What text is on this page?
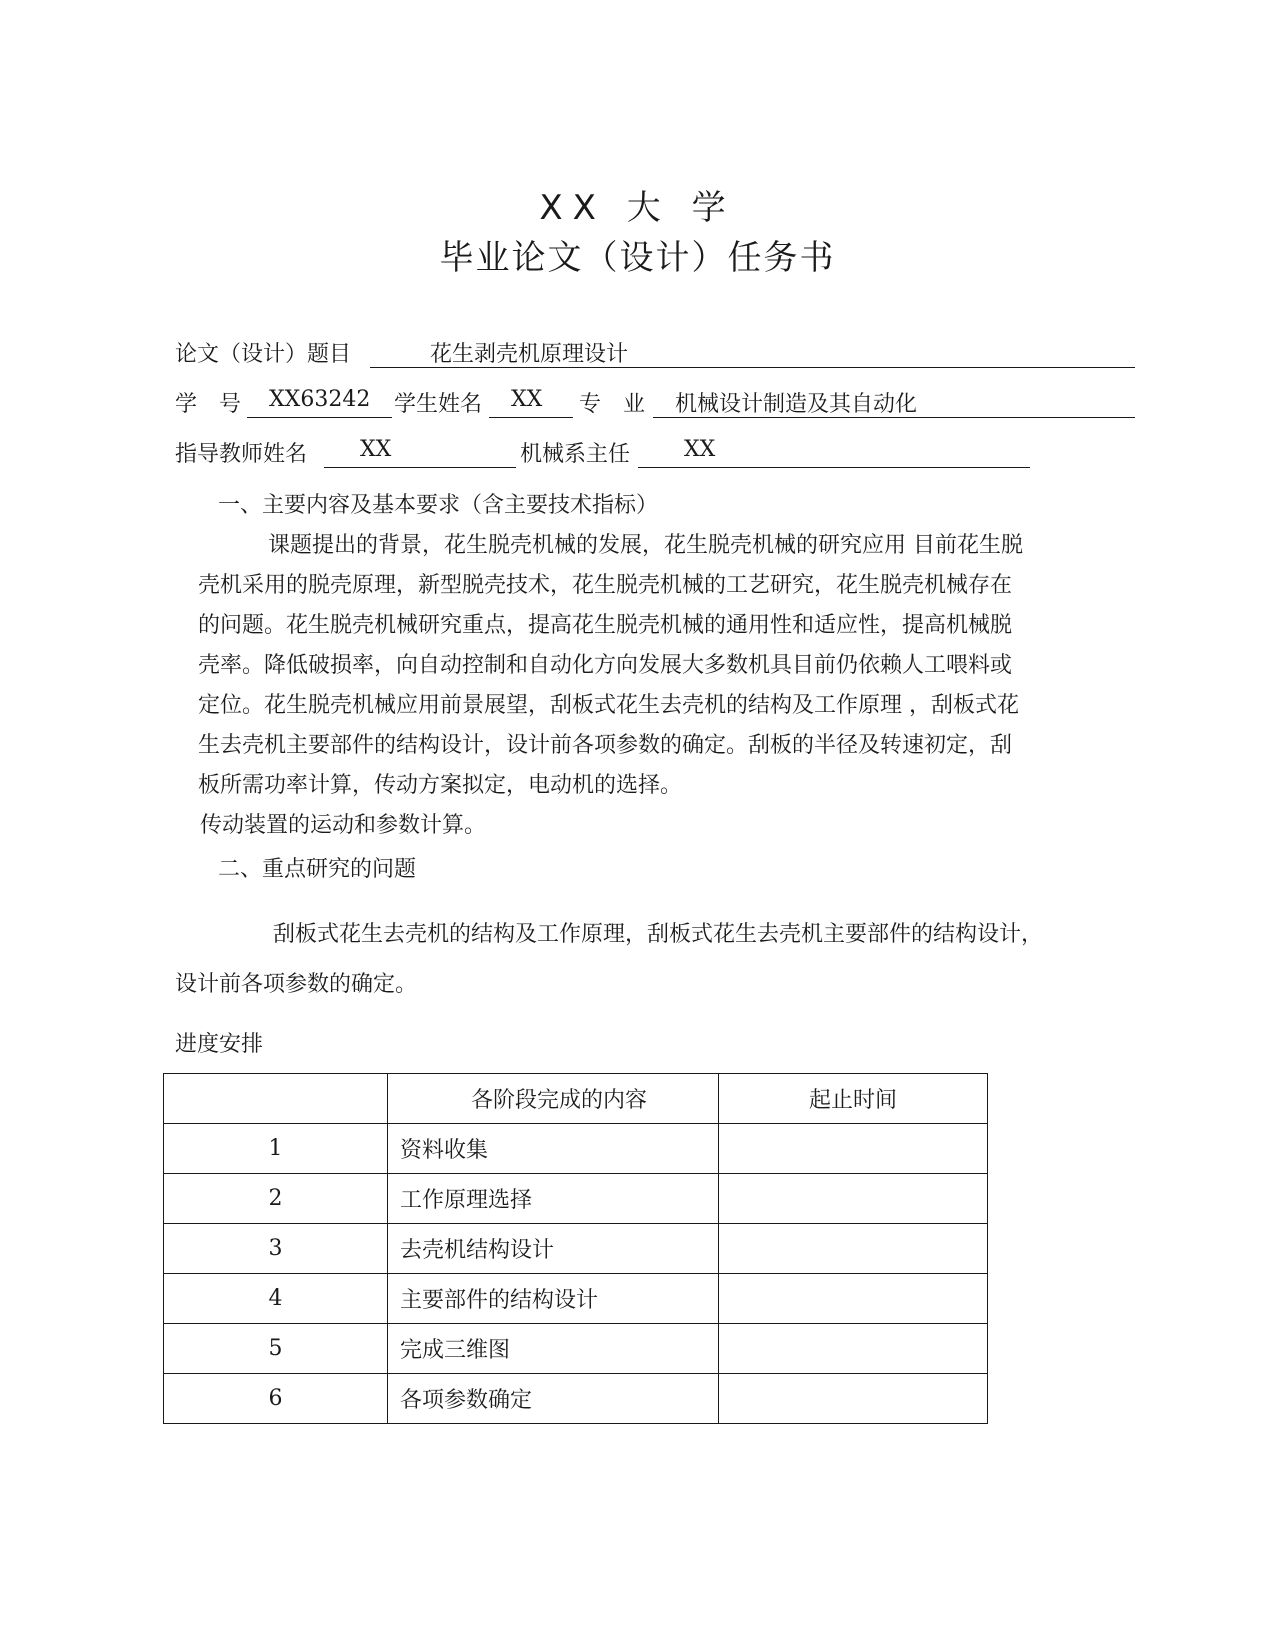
XX 大 学
毕业论文（设计）任务书
论文（设计）题目	花生剥壳机原理设计
学　号 XX63242 学生姓名 XX 专　业 机械设计制造及其自动化
指导教师姓名 XX	机械系主任 XX
一、主要内容及基本要求（含主要技术指标）
课题提出的背景，花生脱壳机械的发展，花生脱壳机械的研究应用 目前花生脱
壳机采用的脱壳原理，新型脱壳技术，花生脱壳机械的工艺研究，花生脱壳机械存在
的问题。花生脱壳机械研究重点，提高花生脱壳机械的通用性和适应性，提高机械脱
壳率。降低破损率，向自动控制和自动化方向发展大多数机具目前仍依赖人工喂料或
定位。花生脱壳机械应用前景展望，刮板式花生去壳机的结构及工作原理 ，刮板式花
生去壳机主要部件的结构设计，设计前各项参数的确定。刮板的半径及转速初定，刮
板所需功率计算，传动方案拟定，电动机的选择。
传动装置的运动和参数计算。
二、重点研究的问题
刮板式花生去壳机的结构及工作原理，刮板式花生去壳机主要部件的结构设计，
设计前各项参数的确定。
进度安排
	各阶段完成的内容	起止时间
1	资料收集	
2	工作原理选择	
3	去壳机结构设计	
4	主要部件的结构设计	
5	完成三维图	
6	各项参数确定	
